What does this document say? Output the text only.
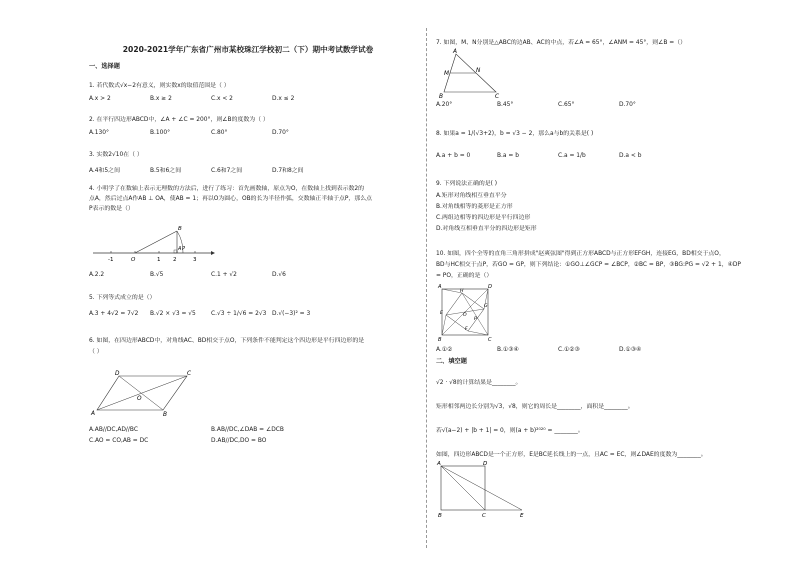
2020-2021学年广东省广州市某校珠江学校初二（下）期中考试数学试卷
一、选择题
1. 若代数式√x−2有意义，则实数x的取值范围是（ ）
A.x > 2	B.x ≥ 2	C.x < 2	D.x ≤ 2
2. 在平行四边形ABCD中，∠A + ∠C = 200°，则∠B的度数为（ ）
A.130°	B.100°	C.80°	D.70°
3. 实数2√10在（ ）
A.4和5之间	B.5和6之间	C.6和7之间	D.7和8之间
4. 小明学了在数轴上表示无理数的方法后，进行了练习：首先画数轴，原点为O，在数轴上找到表示数2的
点A，然后过点A作AB ⊥ OA，使AB = 1；再以O为圆心，OB的长为半径作弧，交数轴正半轴于点P，那么点
P表示的数是（）
-1	O	1 2	3
B
A P
A.2.2	B.√5	C.1 + √2	D.√6
5. 下列等式成立的是（）
A.3 + 4√2 = 7√2 B.√2 × √3 = √5	C.√3 ÷ 1/√6 = 2√3 D.√(−3)² = 3
6. 如图，在四边形ABCD中，对角线AC、BD相交于点O，下列条件不能判定这个四边形是平行四边形的是
（ ）
D	C
O
A	B
A.AB//DC,AD//BC	B.AB//DC,∠DAB = ∠DCB
C.AO = CO,AB = DC	D.AB//DC,DO = BO
7. 如图，M、N分别是△ABC的边AB、AC的中点，若∠A = 65°，∠ANM = 45°，则∠B =（）
A
M	N
B	C
A.20°	B.45°	C.65°	D.70°
8. 如果a = 1/(√3+2)，b = √3 − 2，那么a与b的关系是( )
A.a + b = 0	B.a = b	C.a = 1/b	D.a < b
9. 下列说法正确的是( )
A.矩形对角线相互垂直平分
B.对角线相等的菱形是正方形
C.两组边相等的四边形是平行四边形
D.对角线互相垂直平分的四边形是矩形
10. 如图，四个全等的直角三角形拼成"赵爽弦图"得到正方形ABCD与正方形EFGH，连接EG，BD相交于点O，
BD与HC相交于点P，若GO = GP，则下列结论：①GO⊥∠GCP = ∠BCP，②BC = BP，③BG:PG = √2 + 1，④DP
= PO，正确的是（）
A	D
H
G
E	O
P
F
B	C
A.①②	B.①③④	C.①②③	D.①③④
二、填空题
√2 · √8的计算结果是________。
矩形相邻两边长分别为√3，√8，则它的周长是________，面积是________。
若√(a−2) + |b + 1| = 0，则(a + b)²⁰²⁰ = ________。
如图，四边形ABCD是一个正方形，E是BC延长线上的一点，且AC = EC，则∠DAE的度数为________。
A	D
B	C	E
